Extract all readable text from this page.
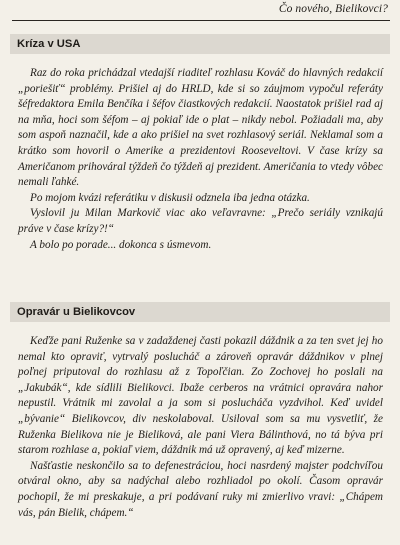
Čo nového, Bielikovci?
Kríza v USA

Raz do roka prichádzal vtedajší riaditeľ rozhlasu Kováč do hlavných redakcií „poriešiť“ problémy. Prišiel aj do HRLD, kde si so záujmom vypočul referáty šéfredaktora Emila Benčíka i šéfov čiastkových redakcií. Naostatok prišiel rad aj na mňa, hoci som šéfom – aj pokiaľ ide o plat – nikdy nebol. Požiadali ma, aby som aspoň naznačil, kde a ako prišiel na svet rozhlasový seriál. Neklamal som a krátko som hovoril o Amerike a prezidentovi Rooseveltovi. V čase krízy sa Američanom prihováral týždeň čo týždeň aj prezident. Američania to vtedy vôbec nemali ľahké.

Po mojom kvázi referátiku v diskusii odznela iba jedna otázka.

Vyslovil ju Milan Markovič viac ako veľavravne: „Prečo seriály vznikajú práve v čase krízy?!“

A bolo po porade... dokonca s úsmevom.

Opravár u Bielikovcov

Keďže pani Ruženke sa v zadaždenej časti pokazil dáždnik a za ten svet jej ho nemal kto opraviť, vytrvalý poslucháč a zároveň opravár dáždnikov v plnej poľnej priputoval do rozhlasu až z Topoľčian. Zo Zochovej ho poslali na „Jakubák“, kde sídlili Bielikovci. Ibaže cerberos na vrátnici opravára nahor nepustil. Vrátnik mi zavolal a ja som si poslucháča vyzdvihol. Keď uvidel „bývanie“ Bielikovcov, div neskolaboval. Usiloval som sa mu vysvetliť, že Ruženka Bielikova nie je Bieliková, ale pani Viera Bálinthová, no tá býva pri starom rozhlase a, pokiaľ viem, dáždnik má už opravený, aj keď mizerne.

Našťastie neskončilo sa to defenestráciou, hoci nasrdený majster podchvíľou otváral okno, aby sa nadýchal alebo rozhliadol po okolí. Časom opravár pochopil, že mi preskakuje, a pri podávaní ruky mi zmierlivo vravi: „Chápem vás, pán Bielik, chápem.“
